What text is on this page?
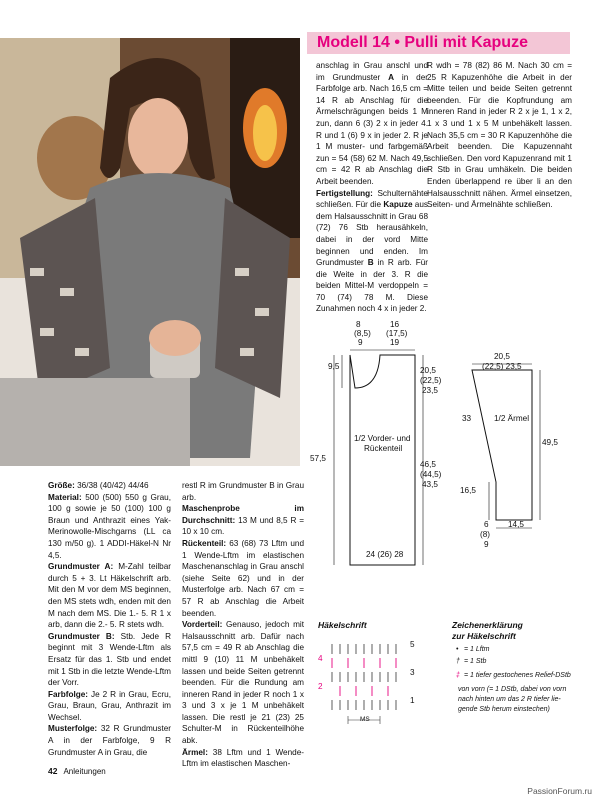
Modell 14 • Pulli mit Kapuze

anschlag in Grau anschl und im Grundmuster A in der Farbfolge arb. Nach 16,5 cm = 14 R ab Anschlag für die Ärmelschrägungen beids 1 M zun, dann 6 (3) 2 x in jeder 4. R und 1 (6) 9 x in jeder 2. R je 1 M muster- und farbgemäß zun = 54 (58) 62 M. Nach 49,5 cm = 42 R ab Anschlag die Arbeit beenden.

Fertigstellung: Schulternähte schließen. Für die Kapuze aus dem Halsausschnitt in Grau 68 (72) 76 Stb herausähkeln, dabei in der vord Mitte beginnen und enden. Im Grundmuster B in R arb. Für die Weite in der 3. R die beiden Mittel-M verdoppeln = 70 (74) 78 M. Diese Zunahmen noch 4 x in jeder 2.

R wdh = 78 (82) 86 M. Nach 30 cm = 25 R Kapuzenhöhe die Arbeit in der Mitte teilen und beide Seiten getrennt beenden. Für die Kopfrundung am inneren Rand in jeder R 2 x je 1, 1 x 2, 1 x 3 und 1 x 5 M unbehäkelt lassen. Nach 35,5 cm = 30 R Kapuzenhöhe die Arbeit beenden. Die Kapuzennaht schließen. Den vord Kapuzenrand mit 1 R Stb in Grau umhäkeln. Die beiden Enden überlappend re über li an den Halsausschnitt nähen. Ärmel einsetzen, Seiten- und Ärmelnähte schließen.

Größe: 36/38 (40/42) 44/46

Material: 500 (500) 550 g Grau, 100 g sowie je 50 (100) 100 g Braun und Anthrazit eines Yak-Merinowolle-Mischgarns (LL ca 130 m/50 g). 1 ADDI-Häkel-N Nr 4,5.

Grundmuster A: M-Zahl teilbar durch 5 + 3. Lt Häkelschrift arb. Mit den M vor dem MS beginnen, den MS stets wdh, enden mit den M nach dem MS. Die 1.- 5. R 1 x arb, dann die 2.- 5. R stets wdh.

Grundmuster B: Stb. Jede R beginnt mit 3 Wende-Lftm als Ersatz für das 1. Stb und endet mit 1 Stb in die letzte Wende-Lftm der Vorr.

Farbfolge: Je 2 R in Grau, Ecru, Grau, Braun, Grau, Anthrazit im Wechsel.

Musterfolge: 32 R Grundmuster A in der Farbfolge, 9 R Grundmuster A in Grau, die

restl R im Grundmuster B in Grau arb.

Maschenprobe im Durchschnitt: 13 M und 8,5 R = 10 x 10 cm.

Rückenteil: 63 (68) 73 Lftm und 1 Wende-Lftm im elastischen Maschenanschlag in Grau anschl (siehe Seite 62) und in der Musterfolge arb. Nach 67 cm = 57 R ab Anschlag die Arbeit beenden.

Vorderteil: Genauso, jedoch mit Halsausschnitt arb. Dafür nach 57,5 cm = 49 R ab Anschlag die mittl 9 (10) 11 M unbehäkelt lassen und beide Seiten getrennt beenden. Für die Rundung am inneren Rand in jeder R noch 1 x 3 und 3 x je 1 M unbehäkelt lassen. Die restl je 21 (23) 25 Schulter-M in Rückenteilhöhe abk.

Ärmel: 38 Lftm und 1 Wende-Lftm im elastischen Maschen-

8
(8,5)
9
16
(17,5)
19
9,5	20,5
(22,5)
23,5
57,5
46,5
(44,5)
43,5
1/2 Vorder- und
Rückenteil
24 (26) 28
20,5
(22,5) 23,5
33	1/2 Ärmel
49,5
16,5
6
(8)
9
14,5
Häkelschrift
5
3
1
4
2
MS
Zeichenerklärung
zur Häkelschrift
• = 1 Lftm
† = 1 Stb
‡ = 1 tiefer gestochenes Relief-DStb
von vorn (= 1 DStb, dabei von vorn
nach hinten um das 2 R tiefer lie-
gende Stb herum einstechen)
42 Anleitungen
PassionForum.ru
